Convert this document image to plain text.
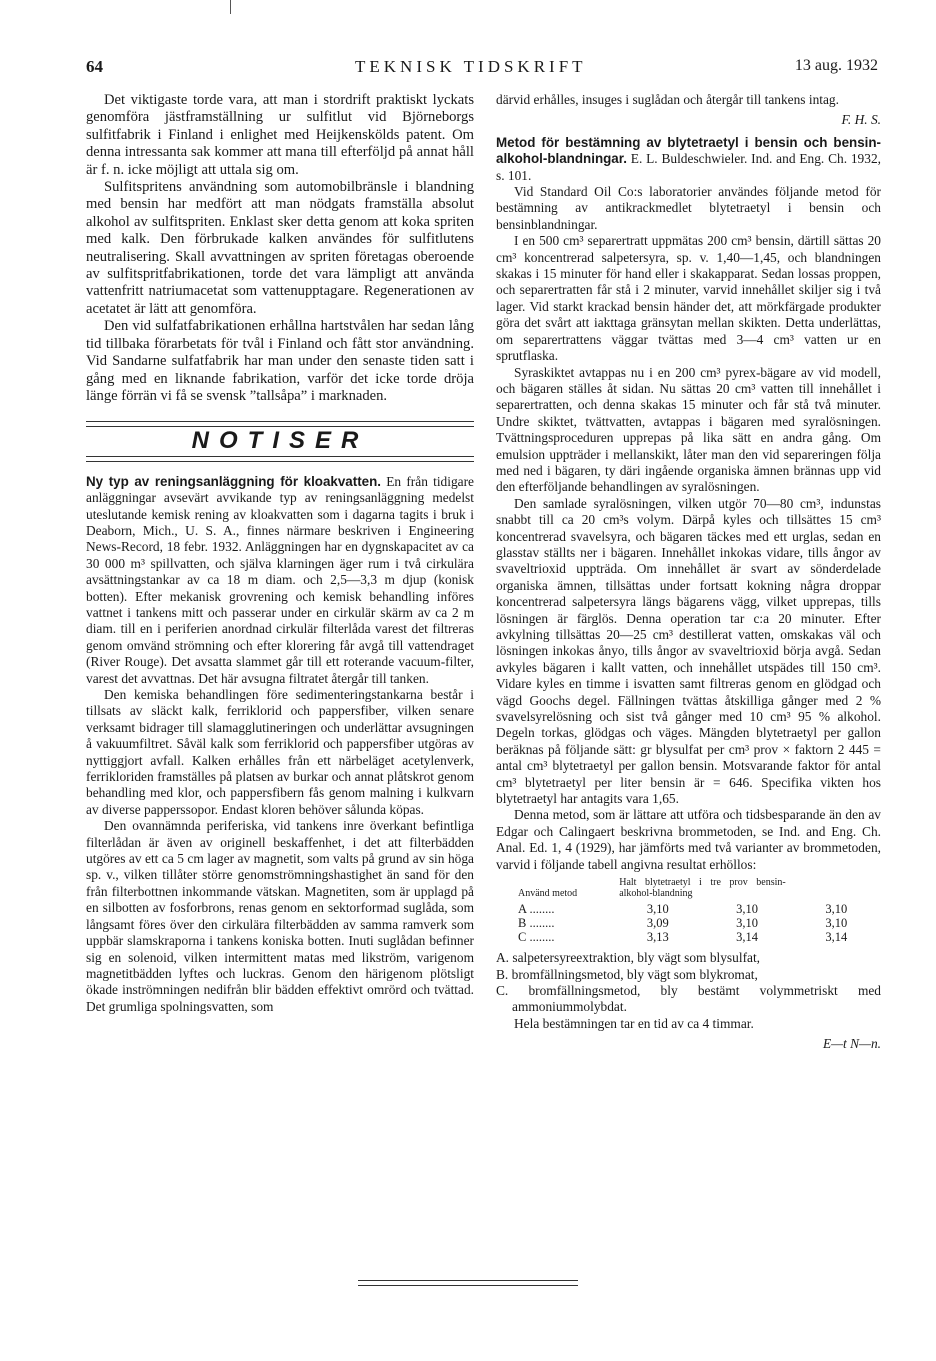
64	TEKNISK TIDSKRIFT	13 aug. 1932

Det viktigaste torde vara, att man i stordrift praktiskt lyckats genomföra jästframställning ur sulfitlut vid Björneborgs sulfitfabrik i Finland i enlighet med Heijkenskölds patent. Om denna intressanta sak kommer att mana till efterföljd på annat håll är f. n. icke möjligt att uttala sig om.

Sulfitspritens användning som automobilbränsle i blandning med bensin har medfört att man nödgats framställa absolut alkohol av sulfitspriten. Enklast sker detta genom att koka spriten med kalk. Den förbrukade kalken användes för sulfitlutens neutralisering. Skall avvattningen av spriten företagas oberoende av sulfitspritfabrikationen, torde det vara lämpligt att använda vattenfritt natriumacetat som vattenupptagare. Regenerationen av acetatet är lätt att genomföra.

Den vid sulfatfabrikationen erhållna hartstvålen har sedan lång tid tillbaka förarbetats för tvål i Finland och fått stor användning. Vid Sandarne sulfatfabrik har man under den senaste tiden satt i gång med en liknande fabrikation, varför det icke torde dröja länge förrän vi få se svensk ”tallsåpa” i marknaden.

NOTISER

Ny typ av reningsanläggning för kloakvatten. En från tidigare anläggningar avsevärt avvikande typ av reningsanläggning medelst uteslutande kemisk rening av kloakvatten som i dagarna tagits i bruk i Deaborn, Mich., U. S. A., finnes närmare beskriven i Engineering News-Record, 18 febr. 1932. Anläggningen har en dygnskapacitet av ca 30 000 m³ spillvatten, och själva klarningen äger rum i två cirkulära avsättningstankar av ca 18 m diam. och 2,5—3,3 m djup (konisk botten). Efter mekanisk grovrening och kemisk behandling införes vattnet i tankens mitt och passerar under en cirkulär skärm av ca 2 m diam. till en i periferien anordnad cirkulär filterlåda varest det filtreras genom omvänd strömning och efter klorering får avgå till vattendraget (River Rouge). Det avsatta slammet går till ett roterande vacuum-filter, varest det avvattnas. Det här avsugna filtratet återgår till tanken.

Den kemiska behandlingen före sedimenteringstankarna består i tillsats av släckt kalk, ferriklorid och pappersfiber, vilken senare verksamt bidrager till slamagglutineringen och underlättar avsugningen å vakuumfiltret. Såväl kalk som ferriklorid och pappersfiber utgöras av nyttiggjort avfall. Kalken erhålles från ett närbeläget acetylenverk, ferrikloriden framställes på platsen av burkar och annat plåtskrot genom behandling med klor, och pappersfibern fås genom malning i kulkvarn av diverse papperssopor. Endast kloren behöver sålunda köpas.

Den ovannämnda periferiska, vid tankens inre överkant befintliga filterlådan är även av originell beskaffenhet, i det att filterbädden utgöres av ett ca 5 cm lager av magnetit, som valts på grund av sin höga sp. v., vilken tillåter större genomströmningshastighet än sand för den från filterbottnen inkommande vätskan. Magnetiten, som är upplagd på en silbotten av fosforbrons, renas genom en sektorformad suglåda, som långsamt föres över den cirkulära filterbädden av samma ramverk som uppbär slamskraporna i tankens koniska botten. Inuti suglådan befinner sig en solenoid, vilken intermittent matas med likström, varigenom magnetitbädden lyftes och luckras. Genom den härigenom plötsligt ökade inströmningen nedifrån blir bädden effektivt omrörd och tvättad. Det grumliga spolningsvatten, som

därvid erhålles, insuges i suglådan och återgår till tankens intag.

F. H. S.

Metod för bestämning av blytetraetyl i bensin och bensin-alkohol-blandningar. E. L. Buldeschwieler. Ind. and Eng. Ch. 1932, s. 101.

Vid Standard Oil Co:s laboratorier användes följande metod för bestämning av antikrackmedlet blytetraetyl i bensin och bensinblandningar.

I en 500 cm³ separertratt uppmätas 200 cm³ bensin, därtill sättas 20 cm³ koncentrerad salpetersyra, sp. v. 1,40—1,45, och blandningen skakas i 15 minuter för hand eller i skakapparat. Sedan lossas proppen, och separertratten får stå i 2 minuter, varvid innehållet skiljer sig i två lager. Vid starkt krackad bensin händer det, att mörkfärgade produkter göra det svårt att iakttaga gränsytan mellan skikten. Detta underlättas, om separertrattens väggar tvättas med 3—4 cm³ vatten ur en sprutflaska.

Syraskiktet avtappas nu i en 200 cm³ pyrex-bägare av vid modell, och bägaren ställes åt sidan. Nu sättas 20 cm³ vatten till innehållet i separertratten, och denna skakas 15 minuter och får stå två minuter. Undre skiktet, tvättvatten, avtappas i bägaren med syralösningen. Tvättningsproceduren upprepas på lika sätt en andra gång. Om emulsion uppträder i mellanskikt, låter man den vid separeringen följa med ned i bägaren, ty däri ingående organiska ämnen brännas upp vid den efterföljande behandlingen av syralösningen.

Den samlade syralösningen, vilken utgör 70—80 cm³, indunstas snabbt till ca 20 cm³s volym. Därpå kyles och tillsättes 15 cm³ koncentrerad svavelsyra, och bägaren täckes med ett urglas, sedan en glasstav ställts ner i bägaren. Innehållet inkokas vidare, tills ångor av svaveltrioxid uppträda. Om innehållet är svart av sönderdelade organiska ämnen, tillsättas under fortsatt kokning några droppar koncentrerad salpetersyra längs bägarens vägg, vilket upprepas, tills lösningen är färglös. Denna operation tar c:a 20 minuter. Efter avkylning tillsättas 20—25 cm³ destillerat vatten, omskakas väl och lösningen inkokas ånyo, tills ångor av svaveltrioxid börja avgå. Sedan avkyles bägaren i kallt vatten, och innehållet utspädes till 150 cm³. Vidare kyles en timme i isvatten samt filtreras genom en glödgad och vägd Goochs degel. Fällningen tvättas åtskilliga gånger med 2 % svavelsyrelösning och sist två gånger med 10 cm³ 95 % alkohol. Degeln torkas, glödgas och väges. Mängden blytetraetyl per gallon beräknas på följande sätt: gr blysulfat per cm³ prov × faktorn 2 445 = antal cm³ blytetraetyl per gallon bensin. Motsvarande faktor för antal cm³ blytetraetyl per liter bensin är = 646. Specifika vikten hos blytetraetyl har antagits vara 1,65.

Denna metod, som är lättare att utföra och tidsbesparande än den av Edgar och Calingaert beskrivna brommetoden, se Ind. and Eng. Ch. Anal. Ed. 1, 4 (1929), har jämförts med två varianter av brommetoden, varvid i följande tabell angivna resultat erhöllos:

Använd metod	Halt blytetraetyl i tre prov bensin-alkohol-blandning		
A ........	3,10	3,10	3,10
B ........	3,09	3,10	3,10
C ........	3,13	3,14	3,14
A. salpetersyreextraktion, bly vägt som blysulfat,
B. bromfällningsmetod, bly vägt som blykromat,
C. bromfällningsmetod, bly bestämt volymmetriskt med ammoniummolybdat.

Hela bestämningen tar en tid av ca 4 timmar.

E—t N—n.
